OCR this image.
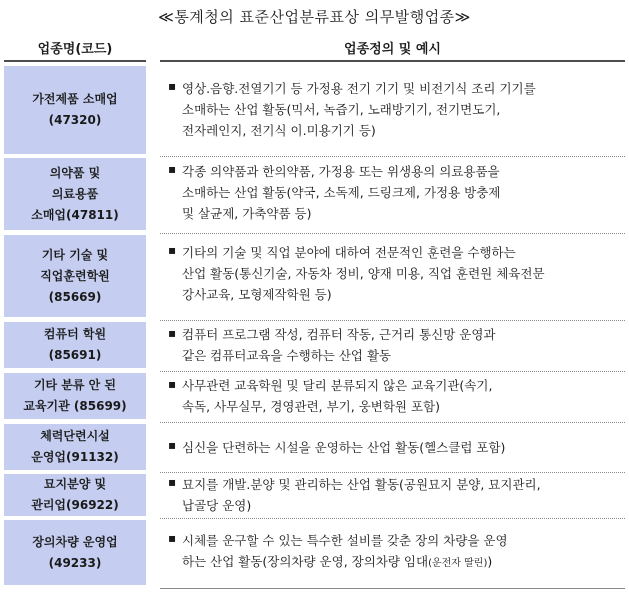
≪통계청의 표준산업분류표상 의무발행업종≫
업종명(코드)	업종정의 및 예시
가전제품 소매업
(47320)
▪ 영상.음향.전열기기 등 가정용 전기 기기 및 비전기식 조리 기기를
소매하는 산업 활동(믹서, 녹즙기, 노래방기기, 전기면도기,
전자레인지, 전기식 이.미용기기 등)
의약품 및
의료용품
소매업(47811)
▪ 각종 의약품과 한의약품, 가정용 또는 위생용의 의료용품을
소매하는 산업 활동(약국, 소독제, 드링크제, 가정용 방충제
및 살균제, 가축약품 등)
기타 기술 및
직업훈련학원
(85669)
▪ 기타의 기술 및 직업 분야에 대하여 전문적인 훈련을 수행하는
산업 활동(통신기술, 자동차 정비, 양재 미용, 직업 훈련원 체육전문
강사교육, 모형제작학원 등)
컴퓨터 학원
(85691)
▪ 컴퓨터 프로그램 작성, 컴퓨터 작동, 근거리 통신망 운영과
같은 컴퓨터교육을 수행하는 산업 활동
기타 분류 안 된
교육기관 (85699)
▪ 사무관련 교육학원 및 달리 분류되지 않은 교육기관(속기,
속독, 사무실무, 경영관련, 부기, 웅변학원 포함)
체력단련시설
운영업(91132)
▪ 심신을 단련하는 시설을 운영하는 산업 활동(헬스클럽 포함)
묘지분양 및
관리업(96922)
▪ 묘지를 개발.분양 및 관리하는 산업 활동(공원묘지 분양, 묘지관리,
납골당 운영)
장의차량 운영업
(49233)
▪ 시체를 운구할 수 있는 특수한 설비를 갖춘 장의 차량을 운영
하는 산업 활동(장의차량 운영, 장의차량 임대(운전자 딸린))
